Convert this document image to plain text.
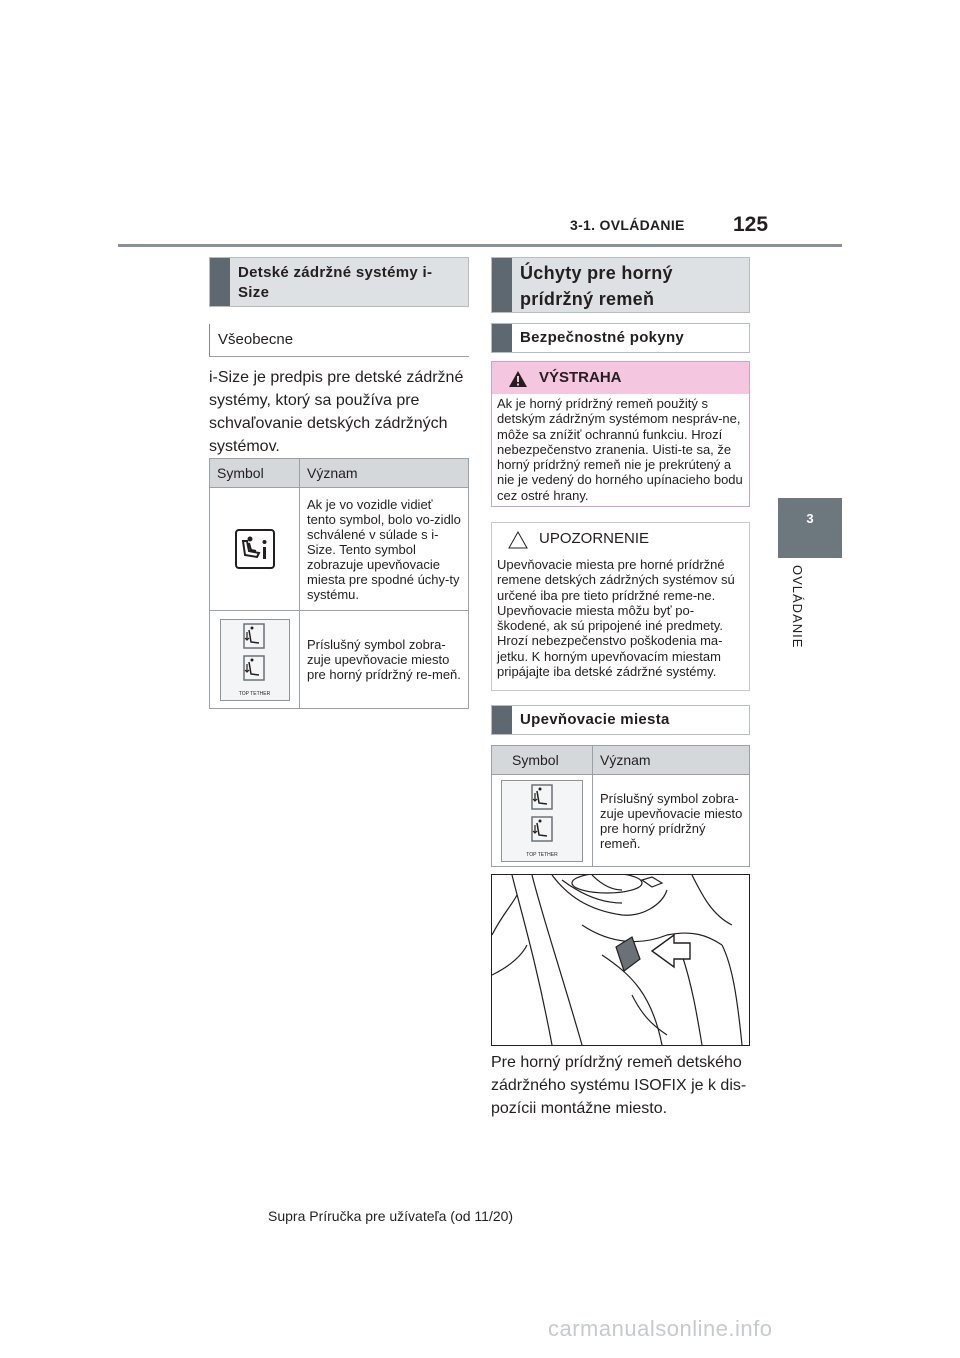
3-1. OVLÁDANIE 125
3
OVLÁDANIE
Detské zádržné systémy i-Size
Všeobecne
i-Size je predpis pre detské zádržné systémy, ktorý sa používa pre schvaľovanie detských zádržných systémov.
Symbol	Význam

	Ak je vo vozidle vidieť tento symbol, bolo vo-zidlo schválené v súlade s i-Size. Tento symbol zobrazuje upevňovacie miesta pre spodné úchy-ty systému.

TOP TETHER	Príslušný symbol zobra-zuje upevňovacie miesto pre horný prídržný re-meň.
Úchyty pre horný prídržný remeň
Bezpečnostné pokyny
VÝSTRAHA
Ak je horný prídržný remeň použitý s detským zádržným systémom nespráv-ne, môže sa znížiť ochrannú funkciu. Hrozí nebezpečenstvo zranenia. Uisti-te sa, že horný prídržný remeň nie je prekrútený a nie je vedený do horného upínacieho bodu cez ostré hrany.
UPOZORNENIE
Upevňovacie miesta pre horné prídržné remene detských zádržných systémov sú určené iba pre tieto prídržné reme-ne. Upevňovacie miesta môžu byť po-škodené, ak sú pripojené iné predmety. Hrozí nebezpečenstvo poškodenia ma-jetku. K horným upevňovacím miestam pripájajte iba detské zádržné systémy.
Upevňovacie miesta
Symbol	Význam

TOP TETHER	Príslušný symbol zobra-zuje upevňovacie miesto pre horný prídržný remeň.
Pre horný prídržný remeň detského zádržného systému ISOFIX je k dis-pozícii montážne miesto.
Supra Príručka pre užívateľa (od 11/20)
carmanualsonline.info
